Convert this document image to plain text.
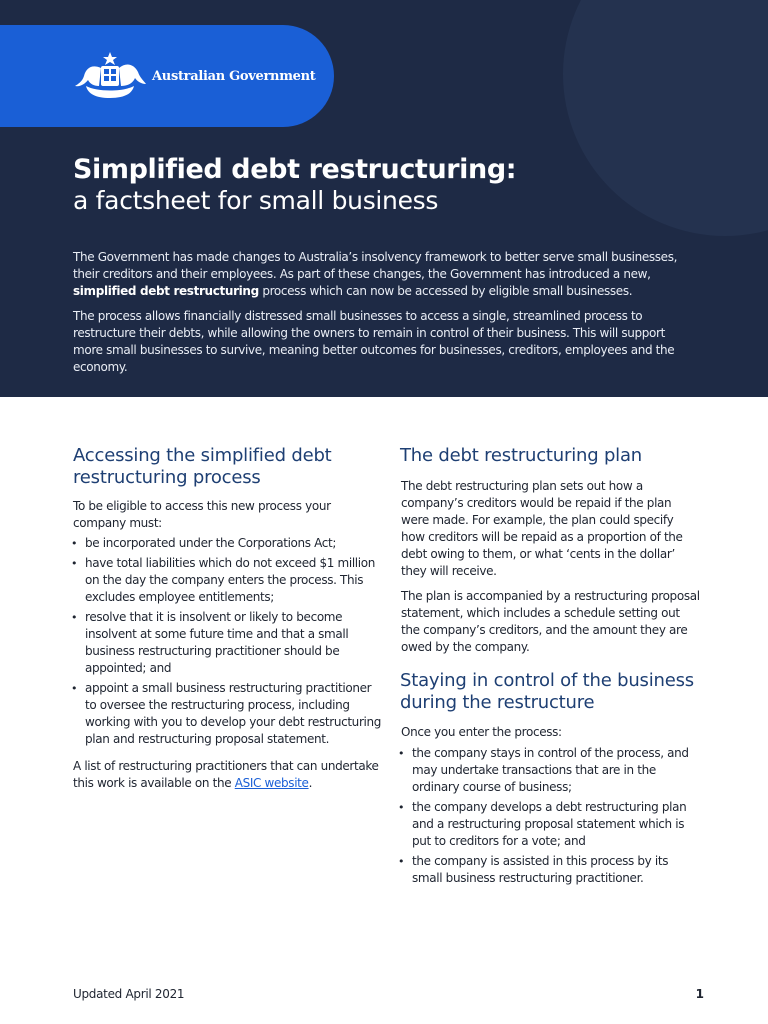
Australian Government
Simplified debt restructuring:
a factsheet for small business

The Government has made changes to Australia’s insolvency framework to better serve small businesses, their creditors and their employees. As part of these changes, the Government has introduced a new, simplified debt restructuring process which can now be accessed by eligible small businesses.

The process allows financially distressed small businesses to access a single, streamlined process to restructure their debts, while allowing the owners to remain in control of their business. This will support more small businesses to survive, meaning better outcomes for businesses, creditors, employees and the economy.

Accessing the simplified debt restructuring process

To be eligible to access this new process your company must:

• be incorporated under the Corporations Act;
• have total liabilities which do not exceed $1 million on the day the company enters the process. This excludes employee entitlements;
• resolve that it is insolvent or likely to become insolvent at some future time and that a small business restructuring practitioner should be appointed; and
• appoint a small business restructuring practitioner to oversee the restructuring process, including working with you to develop your debt restructuring plan and restructuring proposal statement.

A list of restructuring practitioners that can undertake this work is available on the ASIC website.

The debt restructuring plan

The debt restructuring plan sets out how a company’s creditors would be repaid if the plan were made. For example, the plan could specify how creditors will be repaid as a proportion of the debt owing to them, or what ‘cents in the dollar’ they will receive.

The plan is accompanied by a restructuring proposal statement, which includes a schedule setting out the company’s creditors, and the amount they are owed by the company.

Staying in control of the business during the restructure

Once you enter the process:

• the company stays in control of the process, and may undertake transactions that are in the ordinary course of business;
• the company develops a debt restructuring plan and a restructuring proposal statement which is put to creditors for a vote; and
• the company is assisted in this process by its small business restructuring practitioner.
Updated April 2021	1
